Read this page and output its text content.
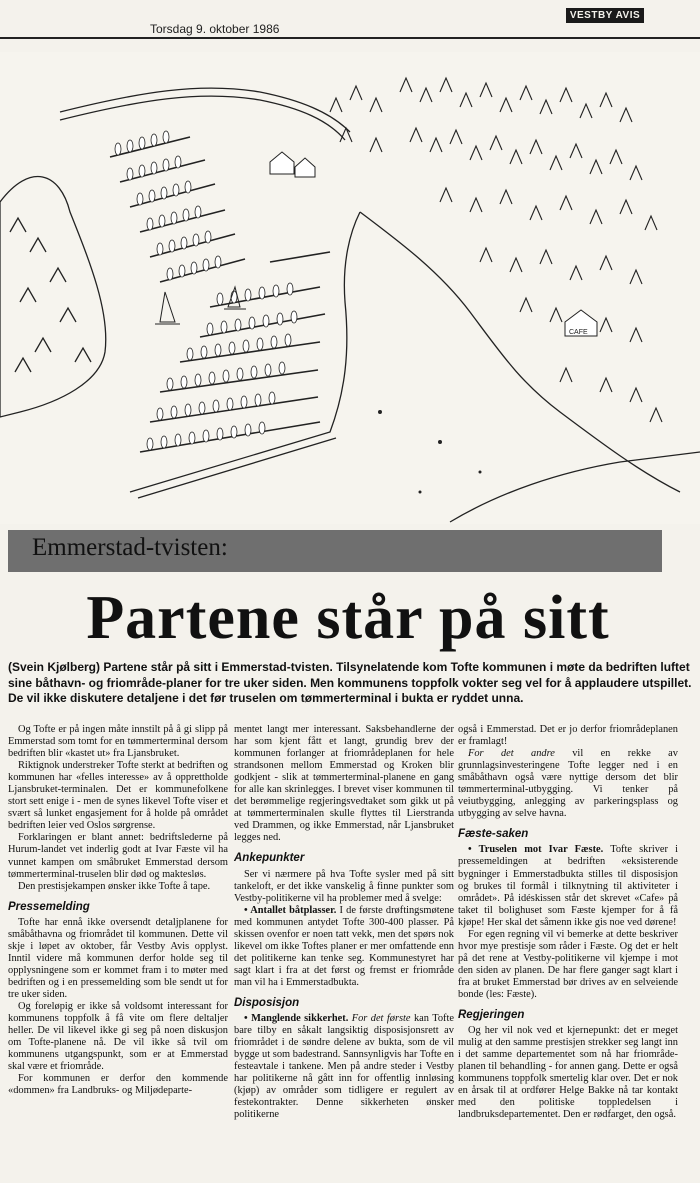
Torsdag 9. oktober 1986
VESTBY AVIS
CAFE
Emmerstad-tvisten:
Partene står på sitt
(Svein Kjølberg) Partene står på sitt i Emmerstad-tvisten. Tilsynelatende kom Tofte kommunen i møte da bedriften luftet sine båthavn- og friområde-planer for tre uker siden. Men kommunens toppfolk vokter seg vel for å applaudere utspillet. De vil ikke diskutere detaljene i det før truselen om tømmerterminal i bukta er ryddet unna.

Og Tofte er på ingen måte innstilt på å gi slipp på Emmerstad som tomt for en tømmerterminal dersom bedriften blir «kastet ut» fra Ljansbruket.

Riktignok understreker Tofte sterkt at bedriften og kommunen har «felles interesse» av å opprettholde Ljansbruket-terminalen. Det er kommunefolkene stort sett enige i - men de synes likevel Tofte viser et svært så lunket engasjement for å holde på området bedriften leier ved Oslos sørgrense.

Forklaringen er blant annet: bedriftslederne på Hurum-landet vet inderlig godt at Ivar Fæste vil ha vunnet kampen om småbruket Emmerstad dersom tømmerterminal-truselen blir død og maktesløs.

Den prestisjekampen ønsker ikke Tofte å tape.

Pressemelding

Tofte har ennå ikke oversendt detaljplanene for småbåthavna og friområdet til kommunen. Dette vil skje i løpet av oktober, får Vestby Avis opplyst. Inntil videre må kommunen derfor holde seg til opplysningene som er kommet fram i to møter med bedriften og i en pressemelding som ble sendt ut for tre uker siden.

Og foreløpig er ikke så voldsomt interessant for kommunens toppfolk å få vite om flere deltaljer heller. De vil likevel ikke gi seg på noen diskusjon om Tofte-planene nå. De vil ikke så tvil om kommunens utgangspunkt, som er at Emmerstad skal være et friområde.

For kommunen er derfor den kommende «dommen» fra Landbruks- og Miljødeparte-

mentet langt mer interessant. Saksbehandlerne der har som kjent fått et langt, grundig brev der kommunen forlanger at friområdeplanen for hele strandsonen mellom Emmerstad og Kroken blir godkjent - slik at tømmerterminal-planene en gang for alle kan skrinlegges. I brevet viser kommunen til det berømmelige regjeringsvedtaket som gikk ut på at tømmerterminalen skulle flyttes til Lierstranda ved Drammen, og ikke Emmerstad, når Ljansbruket legges ned.

Ankepunkter

Ser vi nærmere på hva Tofte sysler med på sitt tankeloft, er det ikke vanskelig å finne punkter som Vestby-politikerne vil ha problemer med å svelge:

• Antallet båtplasser. I de første drøftingsmøtene med kommunen antydet Tofte 300-400 plasser. På skissen ovenfor er noen tatt vekk, men det spørs nok likevel om ikke Toftes planer er mer omfattende enn det politikerne kan tenke seg. Kommunestyret har sagt klart i fra at det først og fremst er friområde man vil ha i Emmerstadbukta.

Disposisjon

• Manglende sikkerhet. For det første kan Tofte bare tilby en såkalt langsiktig disposisjonsrett av friområdet i de søndre delene av bukta, som de vil bygge ut som badestrand. Sannsynligvis har Tofte en festeavtale i tankene. Men på andre steder i Vestby har politikerne nå gått inn for offentlig innløsing (kjøp) av områder som tidligere er regulert av festekontrakter. Denne sikkerheten ønsker politikerne

også i Emmerstad. Det er jo derfor friområdeplanen er framlagt!

For det andre vil en rekke av grunnlagsinvesteringene Tofte legger ned i en småbåthavn også være nyttige dersom det blir tømmerterminal-utbygging. Vi tenker på veiutbygging, anlegging av parkeringsplass og utbygging av selve havna.

Fæste-saken

• Truselen mot Ivar Fæste. Tofte skriver i pressemeldingen at bedriften «eksisterende bygninger i Emmerstadbukta stilles til disposisjon og brukes til formål i tilknytning til aktiviteter i området». På idéskissen står det skrevet «Cafe» på taket til bolighuset som Fæste kjemper for å få kjøpe! Her skal det såmenn ikke gis noe ved dørene!

For egen regning vil vi bemerke at dette beskriver hvor mye prestisje som råder i Fæste. Og det er helt på det rene at Vestby-politikerne vil kjempe i mot den siden av planen. De har flere ganger sagt klart i fra at bruket Emmerstad bør drives av en selveiende bonde (les: Fæste).

Regjeringen

Og her vil nok ved et kjernepunkt: det er meget mulig at den samme prestisjen strekker seg langt inn i det samme departementet som nå har friområde-planen til behandling - for annen gang. Dette er også kommunens toppfolk smertelig klar over. Det er nok en årsak til at ordfører Helge Bakke nå tar kontakt med den politiske toppledelsen i landbruksdepartementet. Den er rødfarget, den også.
